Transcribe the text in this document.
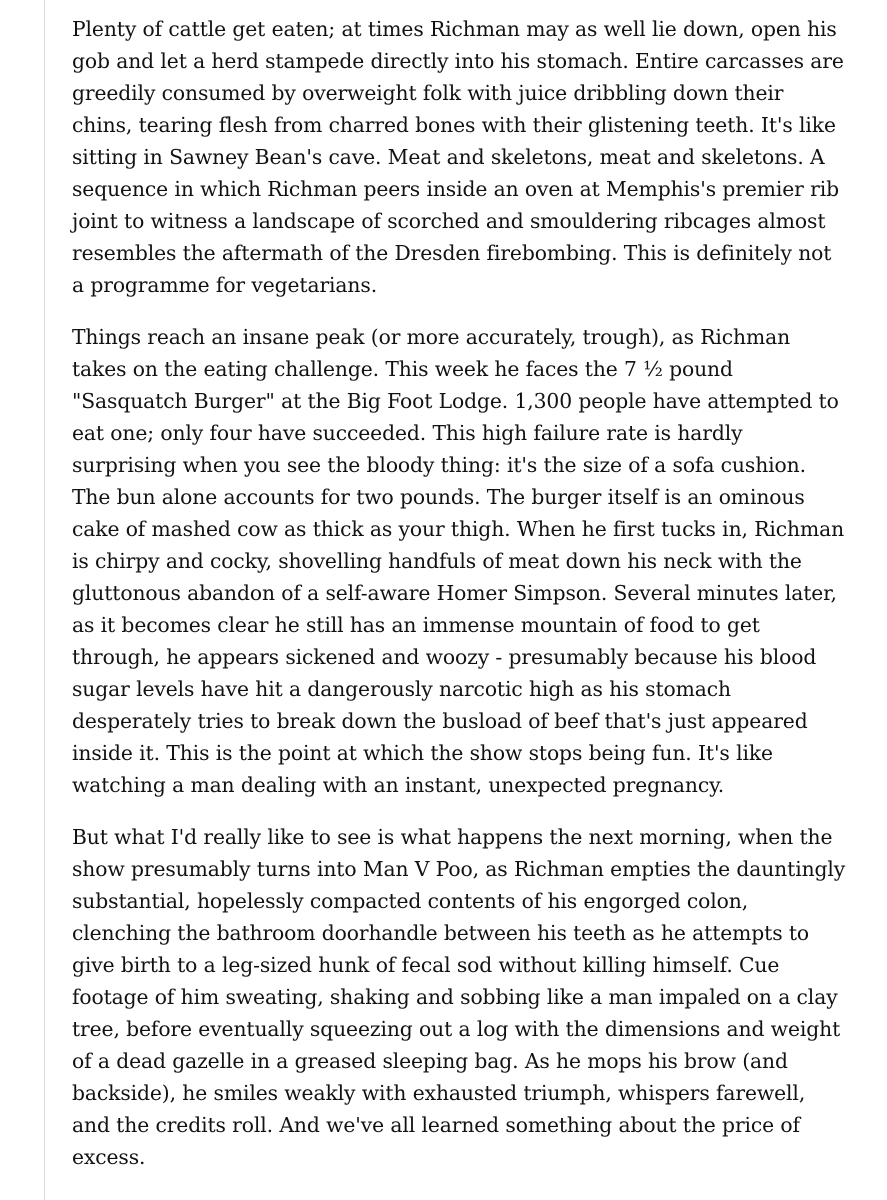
Plenty of cattle get eaten; at times Richman may as well lie down, open his gob and let a herd stampede directly into his stomach. Entire carcasses are greedily consumed by overweight folk with juice dribbling down their chins, tearing flesh from charred bones with their glistening teeth. It's like sitting in Sawney Bean's cave. Meat and skeletons, meat and skeletons. A sequence in which Richman peers inside an oven at Memphis's premier rib joint to witness a landscape of scorched and smouldering ribcages almost resembles the aftermath of the Dresden firebombing. This is definitely not a programme for vegetarians.

Things reach an insane peak (or more accurately, trough), as Richman takes on the eating challenge. This week he faces the 7 ½ pound "Sasquatch Burger" at the Big Foot Lodge. 1,300 people have attempted to eat one; only four have succeeded. This high failure rate is hardly surprising when you see the bloody thing: it's the size of a sofa cushion. The bun alone accounts for two pounds. The burger itself is an ominous cake of mashed cow as thick as your thigh. When he first tucks in, Richman is chirpy and cocky, shovelling handfuls of meat down his neck with the gluttonous abandon of a self-aware Homer Simpson. Several minutes later, as it becomes clear he still has an immense mountain of food to get through, he appears sickened and woozy - presumably because his blood sugar levels have hit a dangerously narcotic high as his stomach desperately tries to break down the busload of beef that's just appeared inside it. This is the point at which the show stops being fun. It's like watching a man dealing with an instant, unexpected pregnancy.

But what I'd really like to see is what happens the next morning, when the show presumably turns into Man V Poo, as Richman empties the dauntingly substantial, hopelessly compacted contents of his engorged colon, clenching the bathroom doorhandle between his teeth as he attempts to give birth to a leg-sized hunk of fecal sod without killing himself. Cue footage of him sweating, shaking and sobbing like a man impaled on a clay tree, before eventually squeezing out a log with the dimensions and weight of a dead gazelle in a greased sleeping bag. As he mops his brow (and backside), he smiles weakly with exhausted triumph, whispers farewell, and the credits roll. And we've all learned something about the price of excess.
